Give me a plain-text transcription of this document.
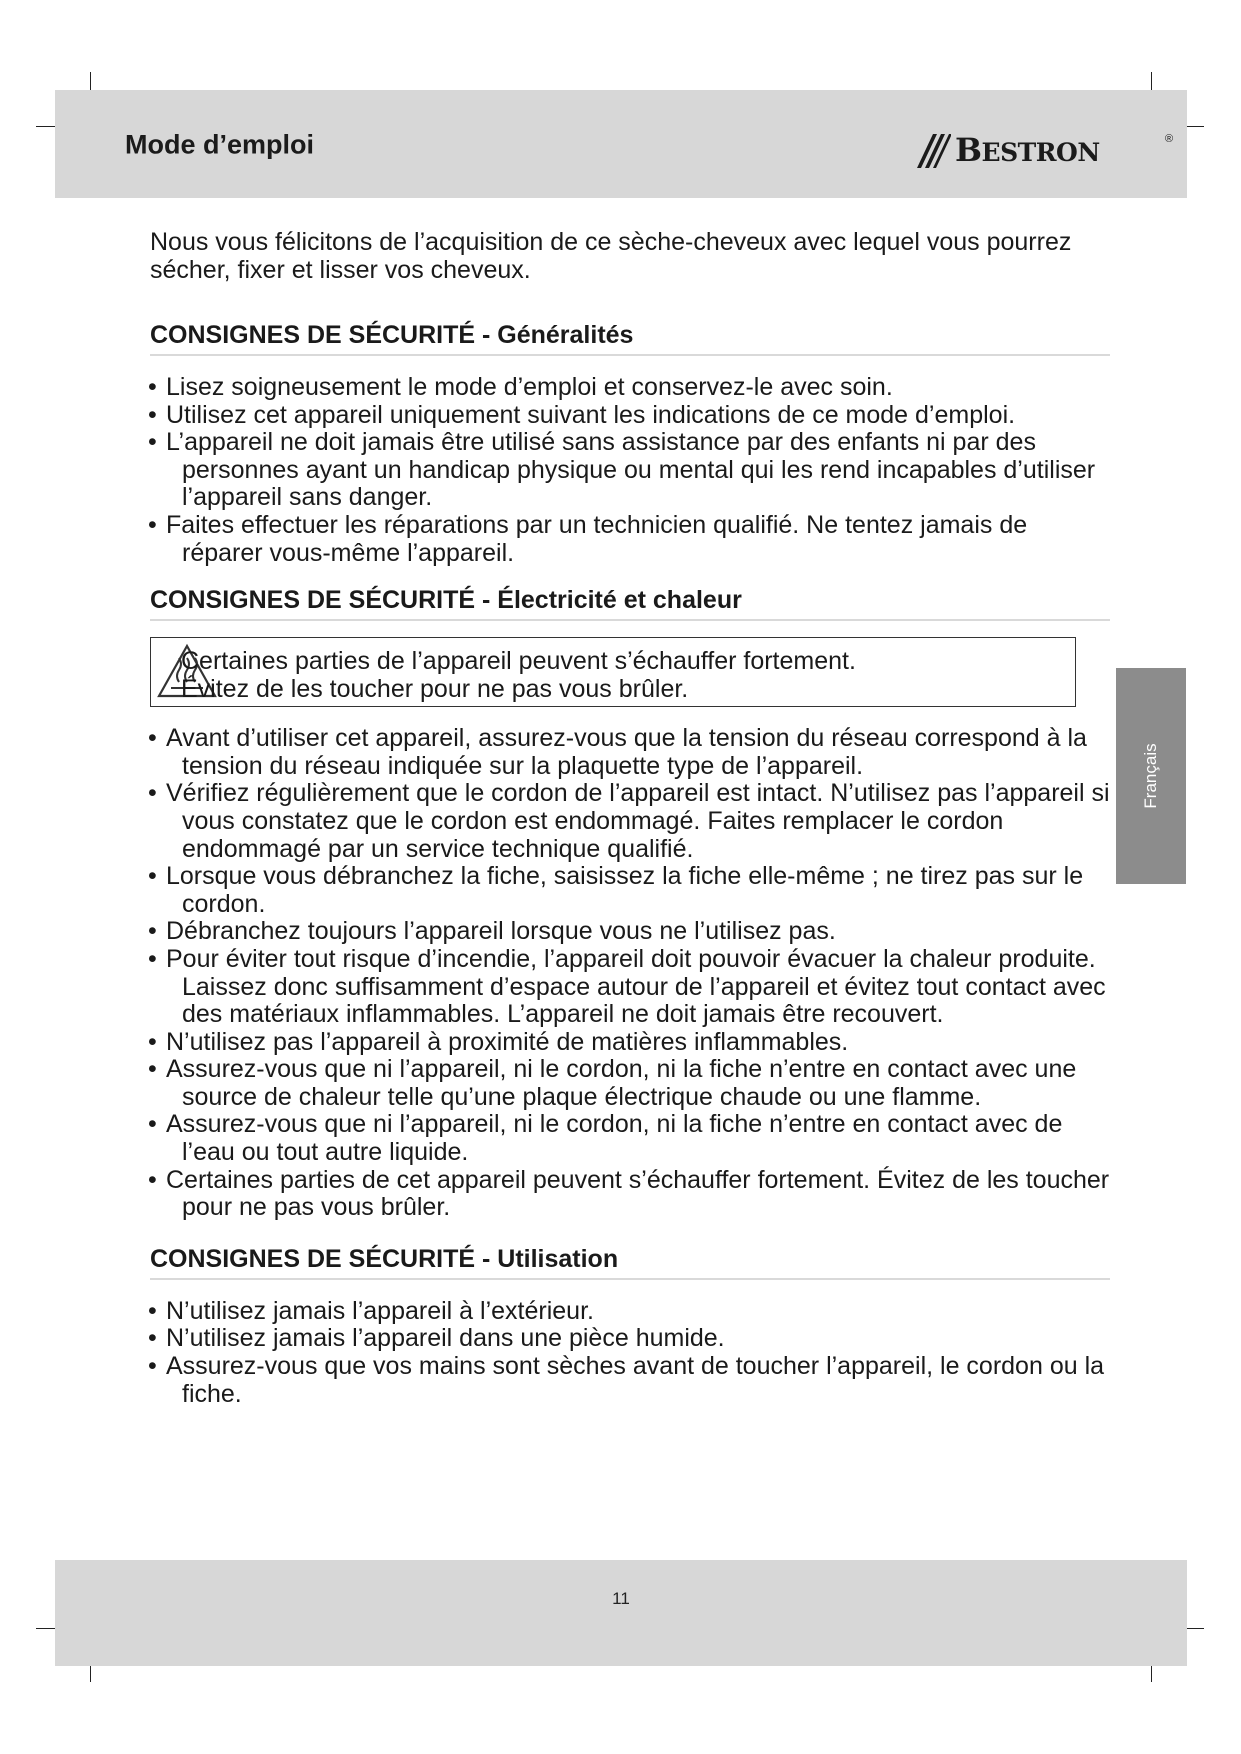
Mode d’emploi	BESTRON	®

Nous vous félicitons de l’acquisition de ce sèche-cheveux avec lequel vous pourrez sécher, fixer et lisser vos cheveux.

CONSIGNES DE SÉCURITÉ - Généralités
• Lisez soigneusement le mode d’emploi et conservez-le avec soin.
• Utilisez cet appareil uniquement suivant les indications de ce mode d’emploi.
• L’appareil ne doit jamais être utilisé sans assistance par des enfants ni par des personnes ayant un handicap physique ou mental qui les rend incapables d’utiliser l’appareil sans danger.
• Faites effectuer les réparations par un technicien qualifié. Ne tentez jamais de réparer vous-même l’appareil.
CONSIGNES DE SÉCURITÉ - Électricité et chaleur
Certaines parties de l’appareil peuvent s’échauffer fortement.
Évitez de les toucher pour ne pas vous brûler.
• Avant d’utiliser cet appareil, assurez-vous que la tension du réseau correspond à la tension du réseau indiquée sur la plaquette type de l’appareil.
• Vérifiez régulièrement que le cordon de l’appareil est intact. N’utilisez pas l’appareil si vous constatez que le cordon est endommagé. Faites remplacer le cordon endommagé par un service technique qualifié.
• Lorsque vous débranchez la fiche, saisissez la fiche elle-même ; ne tirez pas sur le cordon.
• Débranchez toujours l’appareil lorsque vous ne l’utilisez pas.
• Pour éviter tout risque d’incendie, l’appareil doit pouvoir évacuer la chaleur produite. Laissez donc suffisamment d’espace autour de l’appareil et évitez tout contact avec des matériaux inflammables. L’appareil ne doit jamais être recouvert.
• N’utilisez pas l’appareil à proximité de matières inflammables.
• Assurez-vous que ni l’appareil, ni le cordon, ni la fiche n’entre en contact avec une source de chaleur telle qu’une plaque électrique chaude ou une flamme.
• Assurez-vous que ni l’appareil, ni le cordon, ni la fiche n’entre en contact avec de l’eau ou tout autre liquide.
• Certaines parties de cet appareil peuvent s’échauffer fortement. Évitez de les toucher pour ne pas vous brûler.
CONSIGNES DE SÉCURITÉ - Utilisation
• N’utilisez jamais l’appareil à l’extérieur.
• N’utilisez jamais l’appareil dans une pièce humide.
• Assurez-vous que vos mains sont sèches avant de toucher l’appareil, le cordon ou la fiche.
Français
11
